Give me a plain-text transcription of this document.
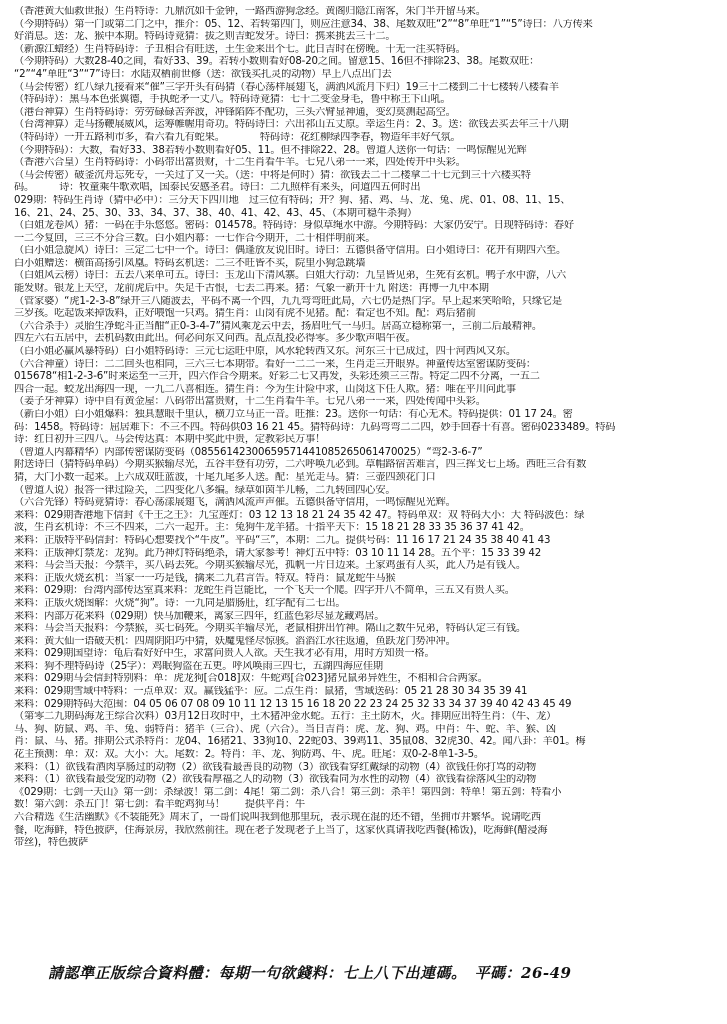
（香港黄大仙救世报）生肖特诗：九鼎沉如千金钟，一路西游狗念经。黄阁归隐江南客，朱门半开留马来。
（今期特码）第一门或第二门之中，推介：05、12、若转第四门，则应注意34、38、尾数双旺“2”“8”单旺“1”“5”诗曰：八方传来
好消息。送：龙、猴中本期。特码诗竟猜：拔之则吉蛇发牙。诗曰：携来挑去三十二。
（新源江蜡经）生肖特码诗：子丑相合有旺送，土生金来出个七。此日吉时在傍晚。十无一注买特码。
（今期特码）大数28-40之间，看好33、39。若转小数则看好08-20之间。留意15、16但不排除23、38。尾数双旺：
“2”“4”单旺“3”“7”诗曰：水陆双栖前世修（送：欲钱买扎灵的动物）早上八点出门去
（马会传密）红八绿九接着来“催”三字开头有码猜（春心荡样展翅飞，满洒风流月下归）19三十二楼到二十七楼转八楼看羊
（特码诗）：黑马本色张翼德，手执蛇矛一丈八。特码诗竟猜：七十二变金身毛，鲁中称王下山吼。
（港台神算）生肖特码诗：劳劳碌碌苦奔波，冲锋陷阵不配功，三头六臂显神通，变幻莫测起高空。
（台湾神算）走马扬鞭展威风，运筹帷幄用奇功。特码诗曰：六出祁山五丈原。幸运生肖：2、3。送：欲钱去买去年三十八期
（特码诗）一开五路利市多，看六看九有蛇果。　　　　特码诗：花红柳绿四季春，物造年丰好气氛。
（今期特码）：大数，看好33、38若转小数则看好05、11。但不排除22、28。曾道人送你一句话：一鸣惊醒见光辉
（香港六合皇）生肖特码诗：小码带出富贵财，十二生肖看牛羊。七兄八弟一一来，四处传开中头彩。
（马会传密）破釜沉舟忘死专，一关过了又一关。（送：中将是何时）猜：欲钱去二十二楼拿二十七元到三十六楼买特
码。　　　诗：牧童乘牛歌欢唱，国泰民安感圣君。诗曰：二九照样有来头，问道四五何时出
029期：特码生肖诗（猜中必中）：三分天下四川地　过三位有特码；开？狗、猪、鸡、马、龙、兔、虎、01、08、11、15、
16、21、24、25、30、33、34、37、38、40、41、42、43、45、（本期可稳牛杀狗）
（白姐龙卷风）猪：一码在手乐悠悠。密码：014578。特码诗：身似草绳水中游。今期特码：大家仍安宁。日现特码诗：春好
一二今复回，三三不分合三数。白小姐内幕：一七作合今期开，二十相伴明前来。
（白小姐急旋风）诗曰：三定二七中一个。诗曰：偶逢放友说旧时。诗曰：五德俱备守信用。白小姐诗曰：花开有期四六至。
白小姐赠送：横笛高扬引凤凰。特码玄机送：二三不旺皆不买，院里小狗急跳墙
（白姐风云榜）诗曰：五去八来单可五。诗曰：玉龙山下清风寨。白姐大行动：九呈皆见弟，生死有玄机。鸭子水中游，八六
能发财。银龙上天空，龙前虎后中。失足千古恨，七去二再来。猪：气象一新开十九 附送：再博一九中本期
（管家婆）“虎1-2-3-8”绿开三八随波去，平码不离一个四，九九弯弯旺此局，六七仍是热门字。早上起来笑哈哈，只缘它是
三岁孩。吃起饭来掉饭料，正好喂饱一只鸡。猜生肖：山岗有虎不见猪。配：看定也不知。配：鸡后猪前
（六合杀手）灵胎生净蛇斗正当酣“正0-3-4-7”猜风乘龙云中去，扬眉吐气一马归。居高立稳称第一，三前二后最精神。
四左六右五居中，去机码数由此出。何必问东又问西。乱点乱投必得零。多少歌声唱午夜。
（白小姐必赢风暴特码）白小姐特码诗：三元七运旺中原，风水轮转西又东。河东三十已成过，四十河西风又东。
（六合神童）诗曰：二二回头也相同，三六三七本期带。看好一二二一来，生肖走三开眼界。神童传达室密谋防变码：
015678“相1-2-3-6”时来运至一三开，四六作合今期来。好彩二七又再发，头彩还须三三帮。特定二四不分离，一五二
四合一起。蛟龙出海四一现，一九二八喜相连。猜生肖：今为生计险中求，山岗这下任人欺。猪：唯在平川问此事
（姜子牙神算）诗中自有黄金屋：八码带出富贵财，十二生肖看牛羊。七兄八弟一一来，四处传闻中头彩。
（新白小姐）白小姐爆料：独具慧眼千里认，横刀立马正一音。旺推：23。送你一句话：有心无术。特码提供：01 17 24。密
码：1458。特码诗：屈居难下：不三不四。特码供03 16 21 45。猜特码诗：九码弯弯二二四，妙手回春十有喜。密码0233489。特码
诗：红日初升三四八。马会传达真：本期中奖此中贵，定教彩民万事！
（曾道人内幕精华）内部传密谋防变码（08556142300659571441085265061470025）“弯2-3-6-7”
附送诗曰（猜特码单码）今期买猴输尽光，五谷丰登有功劳，二六呼唤九必到。草帽路宿苦难言，四三挥戈七上场。西旺三合有数
猜，大门小数一起来。上六成双旺蓝波，十尾九尾多人送。配：星光走马。猜：三壶四颈花门口
（曾道人说）报答一律过险关，二四变化八多编。绿草如茵半儿畅，二九转回四心安。
（六合先锋）特码竟猜诗：春心荡漾展翅飞，满洒风流声声催。五德俱备守信用，一鸣惊醒见光辉。
来料：029期香港地下信封《千王之王》：九宝莲灯：03 12 13 18 21 24 35 42 47。特码单双：双 特码大小：大 特码波色：绿
波，生肖玄机诗：不三不四来，二六一起开。主：兔狗牛龙羊猪。十指平天下：15 18 21 28 33 35 36 37 41 42。
来料：正版特平码信封：特码心想要找个“牛皮”。平码“三”，本期：二九。提供号码：11 16 17 21 24 35 38 40 41 43
来料：正版神灯禁龙：龙狗。此乃神灯特码绝杀，请大家参考！神灯五中特：03 10 11 14 28。五个平：15 33 39 42
来料：马会当天报：今禁羊，买八码去死。今期买猴输尽光，孤帆一片日边来。土家鸡蛋有人买，此人乃是有钱人。
来料：正版火烧玄机：当家一一巧是钱，擒来二九君言告。特双。特肖：鼠龙蛇牛马猴
来料：029期：台湾内部传达室真来料：龙蛇生肖岂能比，一个飞天一个爬。四字开八不简单，三五又有贵人买。
来料：正版火烧图解：火烧“狗”。诗：一九同是腊肠肚，红字配有二七出。
来料：内部万花来料（029期）快马加鞭来，离家三四年，红蓝色彩尽显龙藏鸡居。
来料：马会当天报料：今禁猴，买七码死。今期买羊输尽光，老鼠相拼出竹神。隔山之数牛兄弟，特码认定三有钱。
来料：黄大仙一语破天机：四周阴阳巧中猜，妖魔鬼怪尽惊骇。滔滔江水往返通，鱼跃龙门势冲冲。
来料：029期国望诗：龟后看好好中生，求富问贵人人欲。天生我才必有用，用时方知贵一格。
来料：狗不理特码诗（25字）：鸡眠狗盗在五更。呼风唤雨三四七，五湖四海应佳期
来料：029期马会信封特别料：单：虎龙狗[合018]双：牛蛇鸡[合023]猪兄鼠弟异姓生，不相和合合两家。
来料：029期雪域中特料：一点单双：双。赢钱猛乎：应。二点生肖：鼠猪，雪域送码：05 21 28 30 34 35 39 41
来料：029期特码大范围：04 05 06 07 08 09 10 11 12 13 15 16 18 20 22 23 24 25 32 33 34 37 39 40 42 43 45 49
（第零二九期码海龙王综合次料）03月12日攻时中，土木猪冲金水蛇。五行：主土防木，火。排期应出特生肖：（牛、龙）
马、狗、防鼠、鸡、羊、兔、弱特肖：猪羊（三合）、虎（六合）。当日吉肖：虎、龙、狗、鸡。中肖：牛、蛇、羊、猴、凶
肖：鼠、马、猪。排期公式杀特肖：龙04、16猪21、33狗10、22蛇03、39鸡11、35鼠08、32虎30、42。闻八卦：羊01。梅
花主预测：单：双：双。大小：大。尾数：2。特肖：羊、龙、狗防鸡、牛、虎。旺尾：双0-2-8单1-3-5。
来料：（1）欲钱看酒肉享肠过的动物（2）欲钱看最善良的动物（3）欲钱看穿红戴绿的动物（4）欲钱任你打骂的动物
来料：（1）欲钱看最受宠的动物（2）欲钱看厚福之人的动物（3）欲钱看同为水性的动物（4）欲钱看徐落风尘的动物
《029期：七剑一天山》第一剑：杀绿波！第二剑：4尾！第二剑：杀八合！第三剑：杀羊！第四剑：特单！第五剑：特看小
数！第六剑：杀五门！第七剑：看羊蛇鸡狗马！　　提供平肖：牛
六合精选《生活幽默》《不装能死》周末了，一哥们说叫我到他那里玩，表示现在混的还不错，坐拥市井繁华。说请吃西
餐，吃海鲜，特色披萨，住海景房，我欣然前往。现在老子发现老子上当了，这家伙真请我吃西餐(稀饭)，吃海鲜(醋浸海
带丝)，特色披萨
請認準正版综合資料體：每期一句欲錢料：七上八下出連碼。　平碼：26-49
